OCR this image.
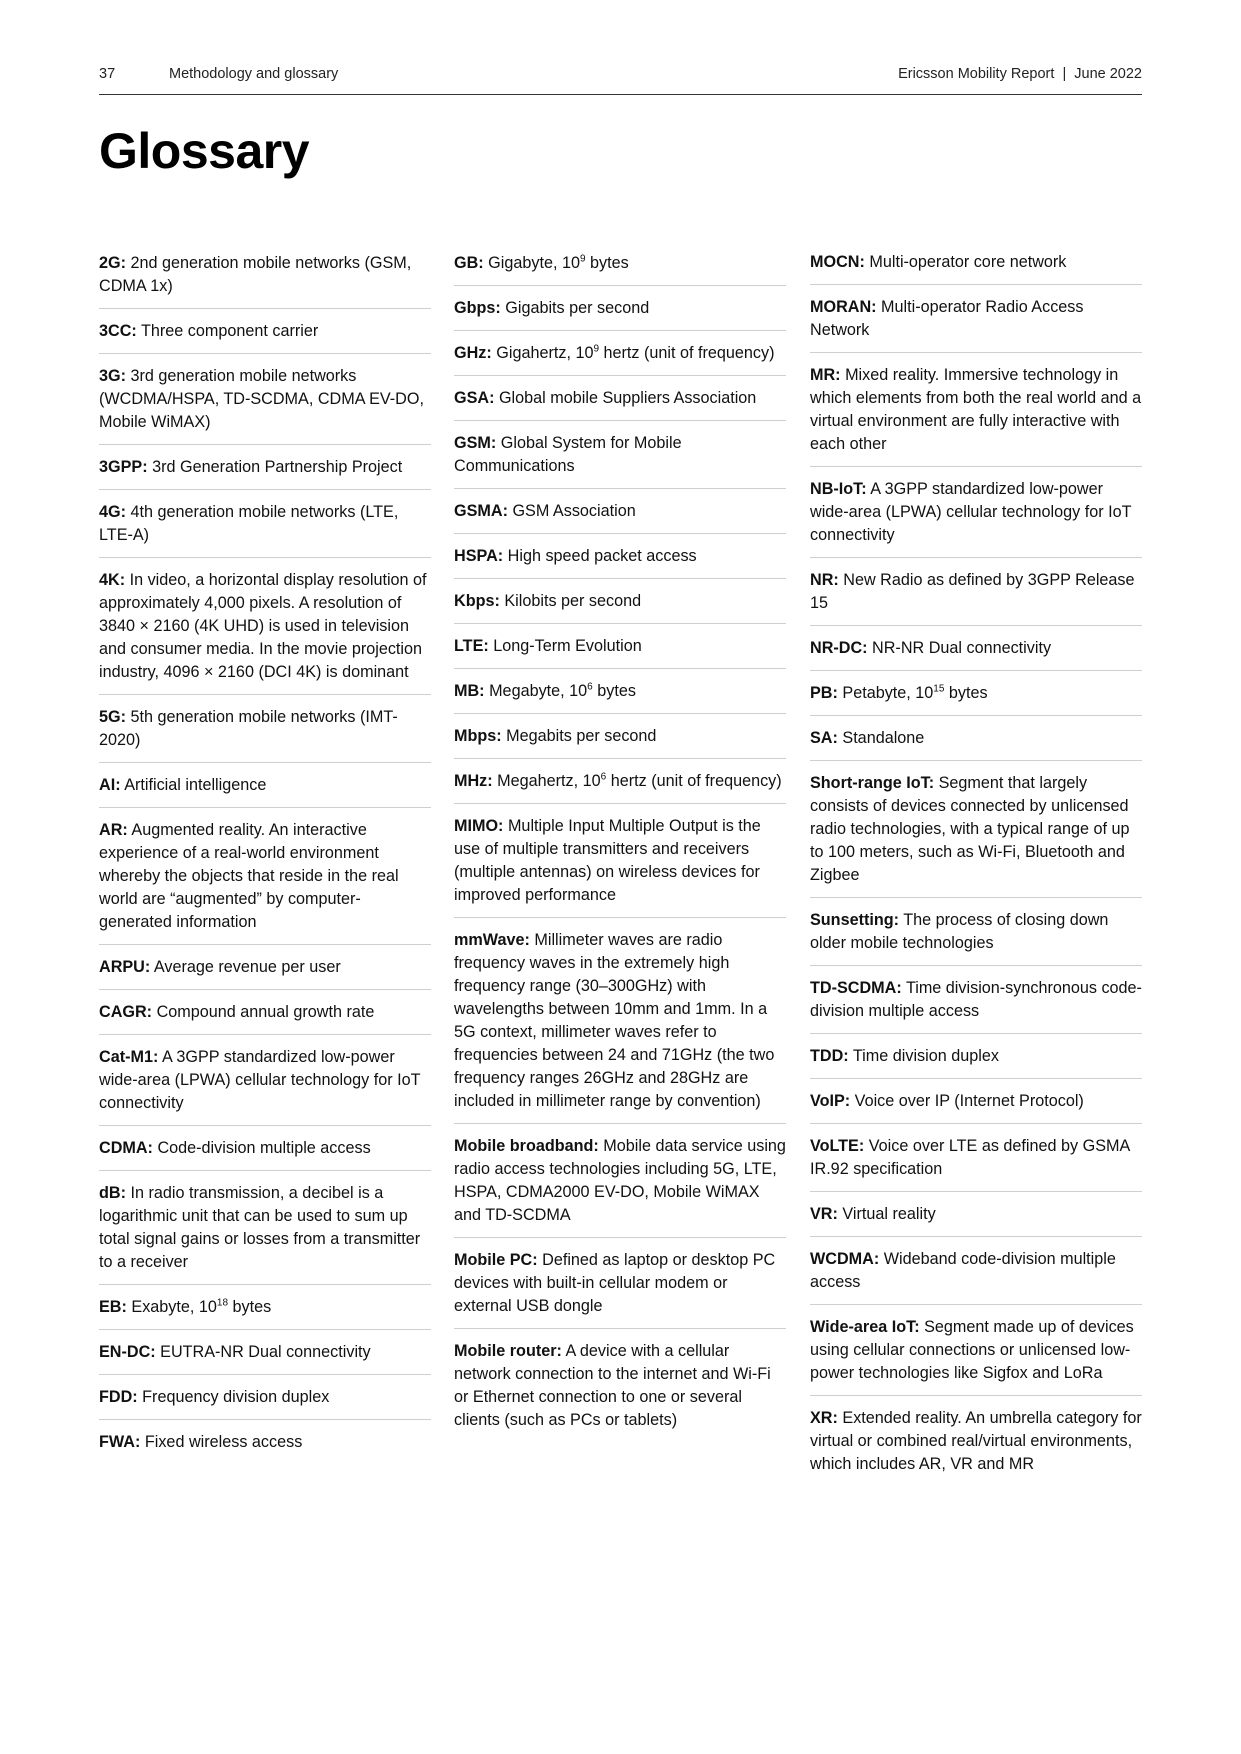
37	Methodology and glossary	Ericsson Mobility Report  |  June 2022
Glossary
2G: 2nd generation mobile networks (GSM, CDMA 1x)
3CC: Three component carrier
3G: 3rd generation mobile networks (WCDMA/HSPA, TD-SCDMA, CDMA EV-DO, Mobile WiMAX)
3GPP: 3rd Generation Partnership Project
4G: 4th generation mobile networks (LTE, LTE-A)
4K: In video, a horizontal display resolution of approximately 4,000 pixels. A resolution of 3840 × 2160 (4K UHD) is used in television and consumer media. In the movie projection industry, 4096 × 2160 (DCI 4K) is dominant
5G: 5th generation mobile networks (IMT-2020)
AI: Artificial intelligence
AR: Augmented reality. An interactive experience of a real-world environment whereby the objects that reside in the real world are “augmented” by computer-generated information
ARPU: Average revenue per user
CAGR: Compound annual growth rate
Cat-M1: A 3GPP standardized low-power wide-area (LPWA) cellular technology for IoT connectivity
CDMA: Code-division multiple access
dB: In radio transmission, a decibel is a logarithmic unit that can be used to sum up total signal gains or losses from a transmitter to a receiver
EB: Exabyte, $10^{18}$ bytes
EN-DC: EUTRA-NR Dual connectivity
FDD: Frequency division duplex
FWA: Fixed wireless access
GB: Gigabyte, $10^9$ bytes
Gbps: Gigabits per second
GHz: Gigahertz, $10^9$ hertz (unit of frequency)
GSA: Global mobile Suppliers Association
GSM: Global System for Mobile Communications
GSMA: GSM Association
HSPA: High speed packet access
Kbps: Kilobits per second
LTE: Long-Term Evolution
MB: Megabyte, $10^6$ bytes
Mbps: Megabits per second
MHz: Megahertz, $10^6$ hertz (unit of frequency)
MIMO: Multiple Input Multiple Output is the use of multiple transmitters and receivers (multiple antennas) on wireless devices for improved performance
mmWave: Millimeter waves are radio frequency waves in the extremely high frequency range (30–300GHz) with wavelengths between 10mm and 1mm. In a 5G context, millimeter waves refer to frequencies between 24 and 71GHz (the two frequency ranges 26GHz and 28GHz are included in millimeter range by convention)
Mobile broadband: Mobile data service using radio access technologies including 5G, LTE, HSPA, CDMA2000 EV-DO, Mobile WiMAX and TD-SCDMA
Mobile PC: Defined as laptop or desktop PC devices with built-in cellular modem or external USB dongle
Mobile router: A device with a cellular network connection to the internet and Wi-Fi or Ethernet connection to one or several clients (such as PCs or tablets)
MOCN: Multi-operator core network
MORAN: Multi-operator Radio Access Network
MR: Mixed reality. Immersive technology in which elements from both the real world and a virtual environment are fully interactive with each other
NB-IoT: A 3GPP standardized low-power wide-area (LPWA) cellular technology for IoT connectivity
NR: New Radio as defined by 3GPP Release 15
NR-DC: NR-NR Dual connectivity
PB: Petabyte, $10^{15}$ bytes
SA: Standalone
Short-range IoT: Segment that largely consists of devices connected by unlicensed radio technologies, with a typical range of up to 100 meters, such as Wi-Fi, Bluetooth and Zigbee
Sunsetting: The process of closing down older mobile technologies
TD-SCDMA: Time division-synchronous code-division multiple access
TDD: Time division duplex
VoIP: Voice over IP (Internet Protocol)
VoLTE: Voice over LTE as defined by GSMA IR.92 specification
VR: Virtual reality
WCDMA: Wideband code-division multiple access
Wide-area IoT: Segment made up of devices using cellular connections or unlicensed low-power technologies like Sigfox and LoRa
XR: Extended reality. An umbrella category for virtual or combined real/virtual environments, which includes AR, VR and MR
